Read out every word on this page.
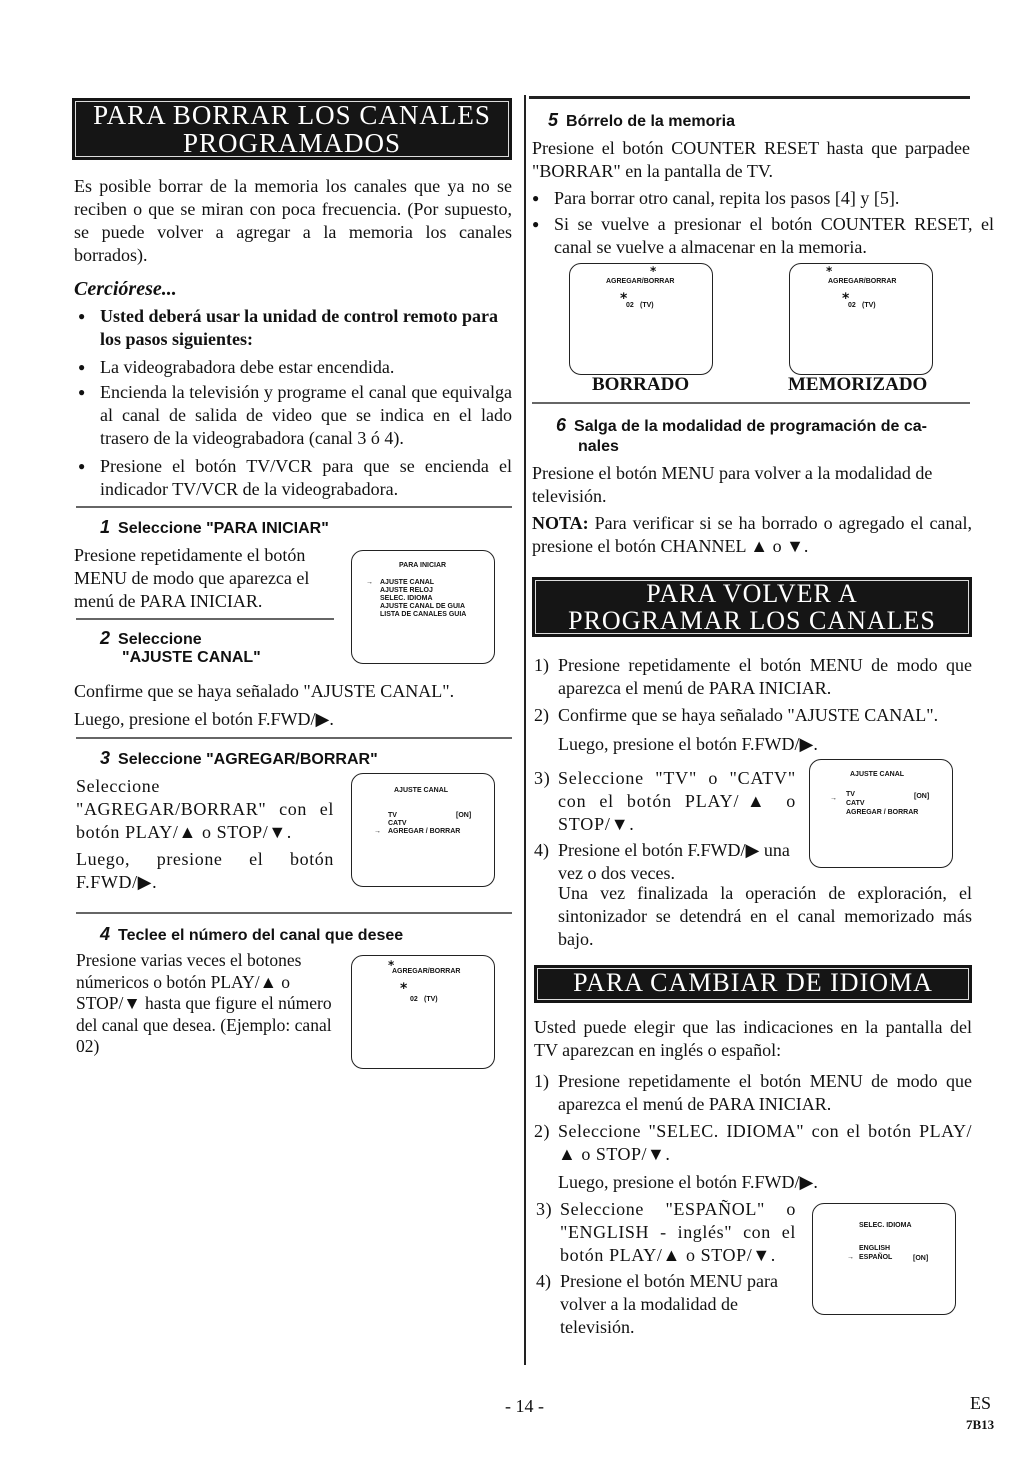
PARA BORRAR LOS CANALES
PROGRAMADOS
Es posible borrar de la memoria los canales que ya no se reciben o que se miran con poca frecuencia. (Por supuesto, se puede volver a agregar a la memoria los canales borrados).
Cerciórese...
● Usted deberá usar la unidad de control remoto para los pasos siguientes:
● La videograbadora debe estar encendida.
● Encienda la televisión y programe el canal que equivalga al canal de salida de video que se indica en el lado trasero de la videograbadora (canal 3 ó 4).
● Presione el botón TV/VCR para que se encienda el indicador TV/VCR de la videograbadora.
1 Seleccione "PARA INICIAR"
Presione repetidamente el botón MENU de modo que aparezca el menú de PARA INICIAR.
PARA INICIAR
→ AJUSTE CANAL
AJUSTE RELOJ
SELEC. IDIOMA
AJUSTE CANAL DE GUIA
LISTA DE CANALES GUIA
2 Seleccione
"AJUSTE CANAL"
Confirme que se haya señalado "AJUSTE CANAL".
Luego, presione el botón F.FWD/▶.
3 Seleccione "AGREGAR/BORRAR"
Seleccione "AGREGAR/BORRAR" con el botón PLAY/▲ o STOP/▼.
Luego, presione el botón F.FWD/▶.
AJUSTE CANAL
TV	[ON]
CATV
→ AGREGAR / BORRAR
4 Teclee el número del canal que desee
Presione varias veces el botones númericos o botón PLAY/▲ o STOP/▼ hasta que figure el número del canal que desea. (Ejemplo: canal 02)
⁎
AGREGAR/BORRAR
⁎
02 (TV)
5 Bórrelo de la memoria
Presione el botón COUNTER RESET hasta que parpadee "BORRAR" en la pantalla de TV.
● Para borrar otro canal, repita los pasos [4] y [5].
● Si se vuelve a presionar el botón COUNTER RESET, el canal se vuelve a almacenar en la memoria.
⁎
AGREGAR/BORRAR
⁎
02 (TV)
BORRADO
⁎
AGREGAR/BORRAR
⁎
02 (TV)
MEMORIZADO
6 Salga de la modalidad de programación de ca-
nales
Presione el botón MENU para volver a la modalidad de televisión.
NOTA: Para verificar si se ha borrado o agregado el canal, presione el botón CHANNEL ▲ o ▼.
PARA VOLVER A
PROGRAMAR LOS CANALES
1) Presione repetidamente el botón MENU de modo que aparezca el menú de PARA INICIAR.
2) Confirme que se haya señalado "AJUSTE CANAL".
Luego, presione el botón F.FWD/▶.
3) Seleccione "TV" o "CATV" con el botón PLAY/▲ o STOP/▼.
4) Presione el botón F.FWD/▶ una vez o dos veces.
Una vez finalizada la operación de exploración, el sintonizador se detendrá en el canal memorizado más bajo.
AJUSTE CANAL
→
TV	[ON]
CATV
AGREGAR / BORRAR
PARA CAMBIAR DE IDIOMA
Usted puede elegir que las indicaciones en la pantalla del TV aparezcan en inglés o español:
1) Presione repetidamente el botón MENU de modo que aparezca el menú de PARA INICIAR.
2) Seleccione "SELEC. IDIOMA" con el botón PLAY/▲ o STOP/▼.
Luego, presione el botón F.FWD/▶.
3) Seleccione "ESPAÑOL" o "ENGLISH - inglés" con el botón PLAY/▲ o STOP/▼.
4) Presione el botón MENU para volver a la modalidad de televisión.
SELEC. IDIOMA
ENGLISH
→ ESPAÑOL	[ON]
- 14 -	ES
7B13
